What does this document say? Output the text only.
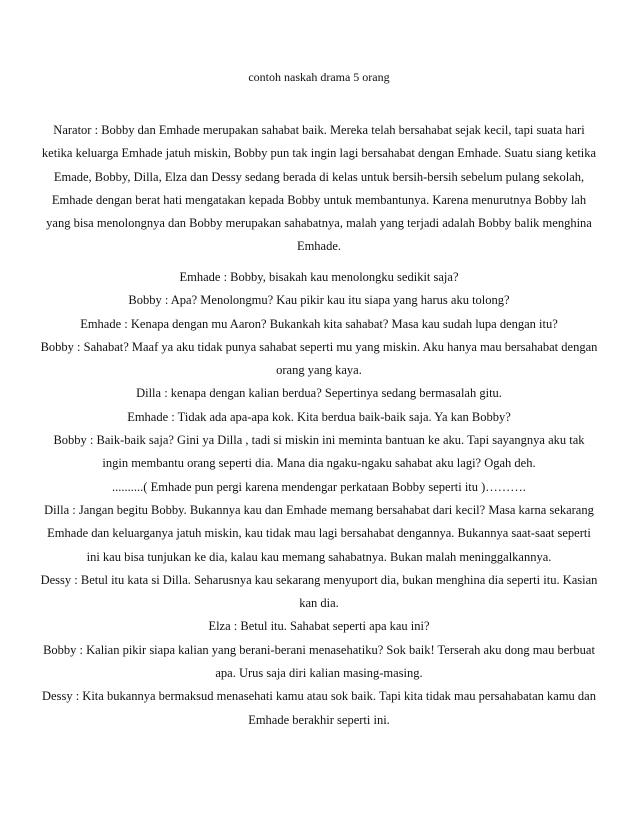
contoh naskah drama 5 orang

Narator : Bobby dan Emhade merupakan sahabat baik. Mereka telah bersahabat sejak kecil, tapi suata hari ketika keluarga Emhade jatuh miskin, Bobby pun tak ingin lagi bersahabat dengan Emhade. Suatu siang ketika Emade, Bobby, Dilla, Elza dan Dessy sedang berada di kelas untuk bersih-bersih sebelum pulang sekolah, Emhade dengan berat hati mengatakan kepada Bobby untuk membantunya. Karena menurutnya Bobby lah yang bisa menolongnya dan Bobby merupakan sahabatnya, malah yang terjadi adalah Bobby balik menghina Emhade.

Emhade : Bobby, bisakah kau menolongku sedikit saja?

Bobby : Apa? Menolongmu? Kau pikir kau itu siapa yang harus aku tolong?

Emhade : Kenapa dengan mu Aaron? Bukankah kita sahabat? Masa kau sudah lupa dengan itu?

Bobby : Sahabat? Maaf ya aku tidak punya sahabat seperti mu yang miskin. Aku hanya mau bersahabat dengan orang yang kaya.

Dilla : kenapa dengan kalian berdua? Sepertinya sedang bermasalah gitu.

Emhade : Tidak ada apa-apa kok. Kita berdua baik-baik saja. Ya kan Bobby?

Bobby : Baik-baik saja? Gini ya Dilla , tadi si miskin ini meminta bantuan ke aku. Tapi sayangnya aku tak ingin membantu orang seperti dia. Mana dia ngaku-ngaku sahabat aku lagi? Ogah deh.

..........( Emhade pun pergi karena mendengar perkataan Bobby seperti itu )……….

Dilla : Jangan begitu Bobby. Bukannya kau dan Emhade memang bersahabat dari kecil? Masa karna sekarang Emhade dan keluarganya jatuh miskin, kau tidak mau lagi bersahabat dengannya. Bukannya saat-saat seperti ini kau bisa tunjukan ke dia, kalau kau memang sahabatnya. Bukan malah meninggalkannya.

Dessy : Betul itu kata si Dilla. Seharusnya kau sekarang menyuport dia, bukan menghina dia seperti itu. Kasian kan dia.

Elza : Betul itu. Sahabat seperti apa kau ini?

Bobby : Kalian pikir siapa kalian yang berani-berani menasehatiku? Sok baik! Terserah aku dong mau berbuat apa. Urus saja diri kalian masing-masing.

Dessy : Kita bukannya bermaksud menasehati kamu atau sok baik. Tapi kita tidak mau persahabatan kamu dan Emhade berakhir seperti ini.
